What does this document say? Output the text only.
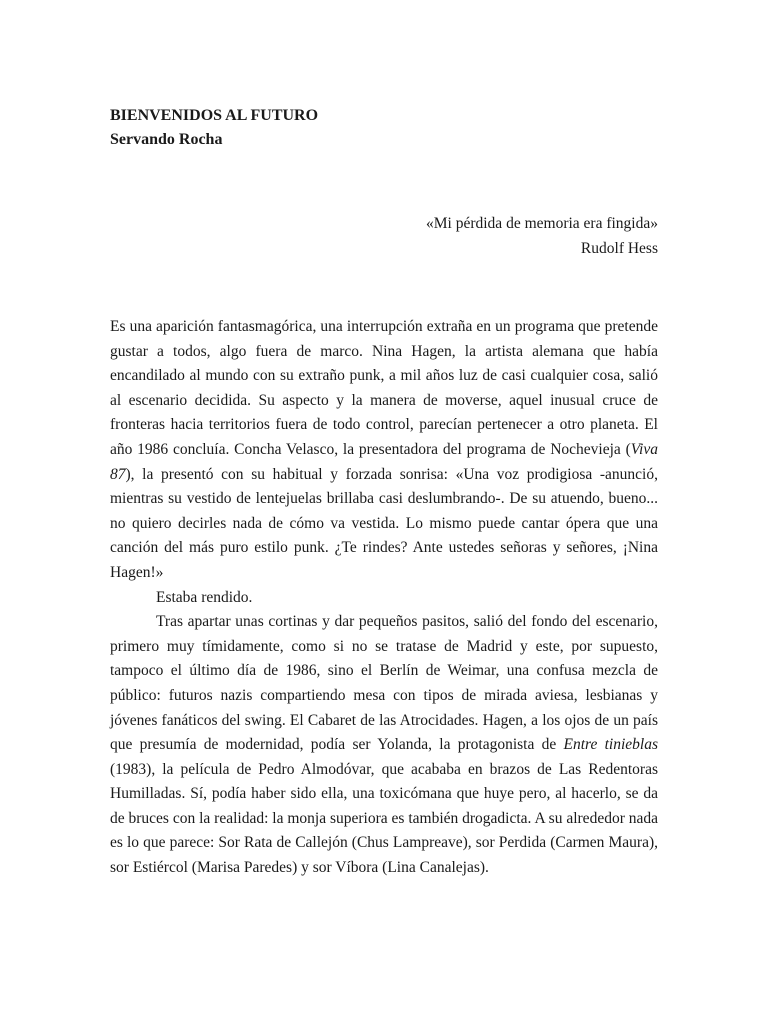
BIENVENIDOS AL FUTURO
Servando Rocha
«Mi pérdida de memoria era fingida»
Rudolf Hess

Es una aparición fantasmagórica, una interrupción extraña en un programa que pretende gustar a todos, algo fuera de marco. Nina Hagen, la artista alemana que había encandilado al mundo con su extraño punk, a mil años luz de casi cualquier cosa, salió al escenario decidida. Su aspecto y la manera de moverse, aquel inusual cruce de fronteras hacia territorios fuera de todo control, parecían pertenecer a otro planeta. El año 1986 concluía. Concha Velasco, la presentadora del programa de Nochevieja (Viva 87), la presentó con su habitual y forzada sonrisa: «Una voz prodigiosa -anunció, mientras su vestido de lentejuelas brillaba casi deslumbrando-. De su atuendo, bueno... no quiero decirles nada de cómo va vestida. Lo mismo puede cantar ópera que una canción del más puro estilo punk. ¿Te rindes? Ante ustedes señoras y señores, ¡Nina Hagen!»

Estaba rendido.

Tras apartar unas cortinas y dar pequeños pasitos, salió del fondo del escenario, primero muy tímidamente, como si no se tratase de Madrid y este, por supuesto, tampoco el último día de 1986, sino el Berlín de Weimar, una confusa mezcla de público: futuros nazis compartiendo mesa con tipos de mirada aviesa, lesbianas y jóvenes fanáticos del swing. El Cabaret de las Atrocidades. Hagen, a los ojos de un país que presumía de modernidad, podía ser Yolanda, la protagonista de Entre tinieblas (1983), la película de Pedro Almodóvar, que acababa en brazos de Las Redentoras Humilladas. Sí, podía haber sido ella, una toxicómana que huye pero, al hacerlo, se da de bruces con la realidad: la monja superiora es también drogadicta. A su alrededor nada es lo que parece: Sor Rata de Callejón (Chus Lampreave), sor Perdida (Carmen Maura), sor Estiércol (Marisa Paredes) y sor Víbora (Lina Canalejas).
